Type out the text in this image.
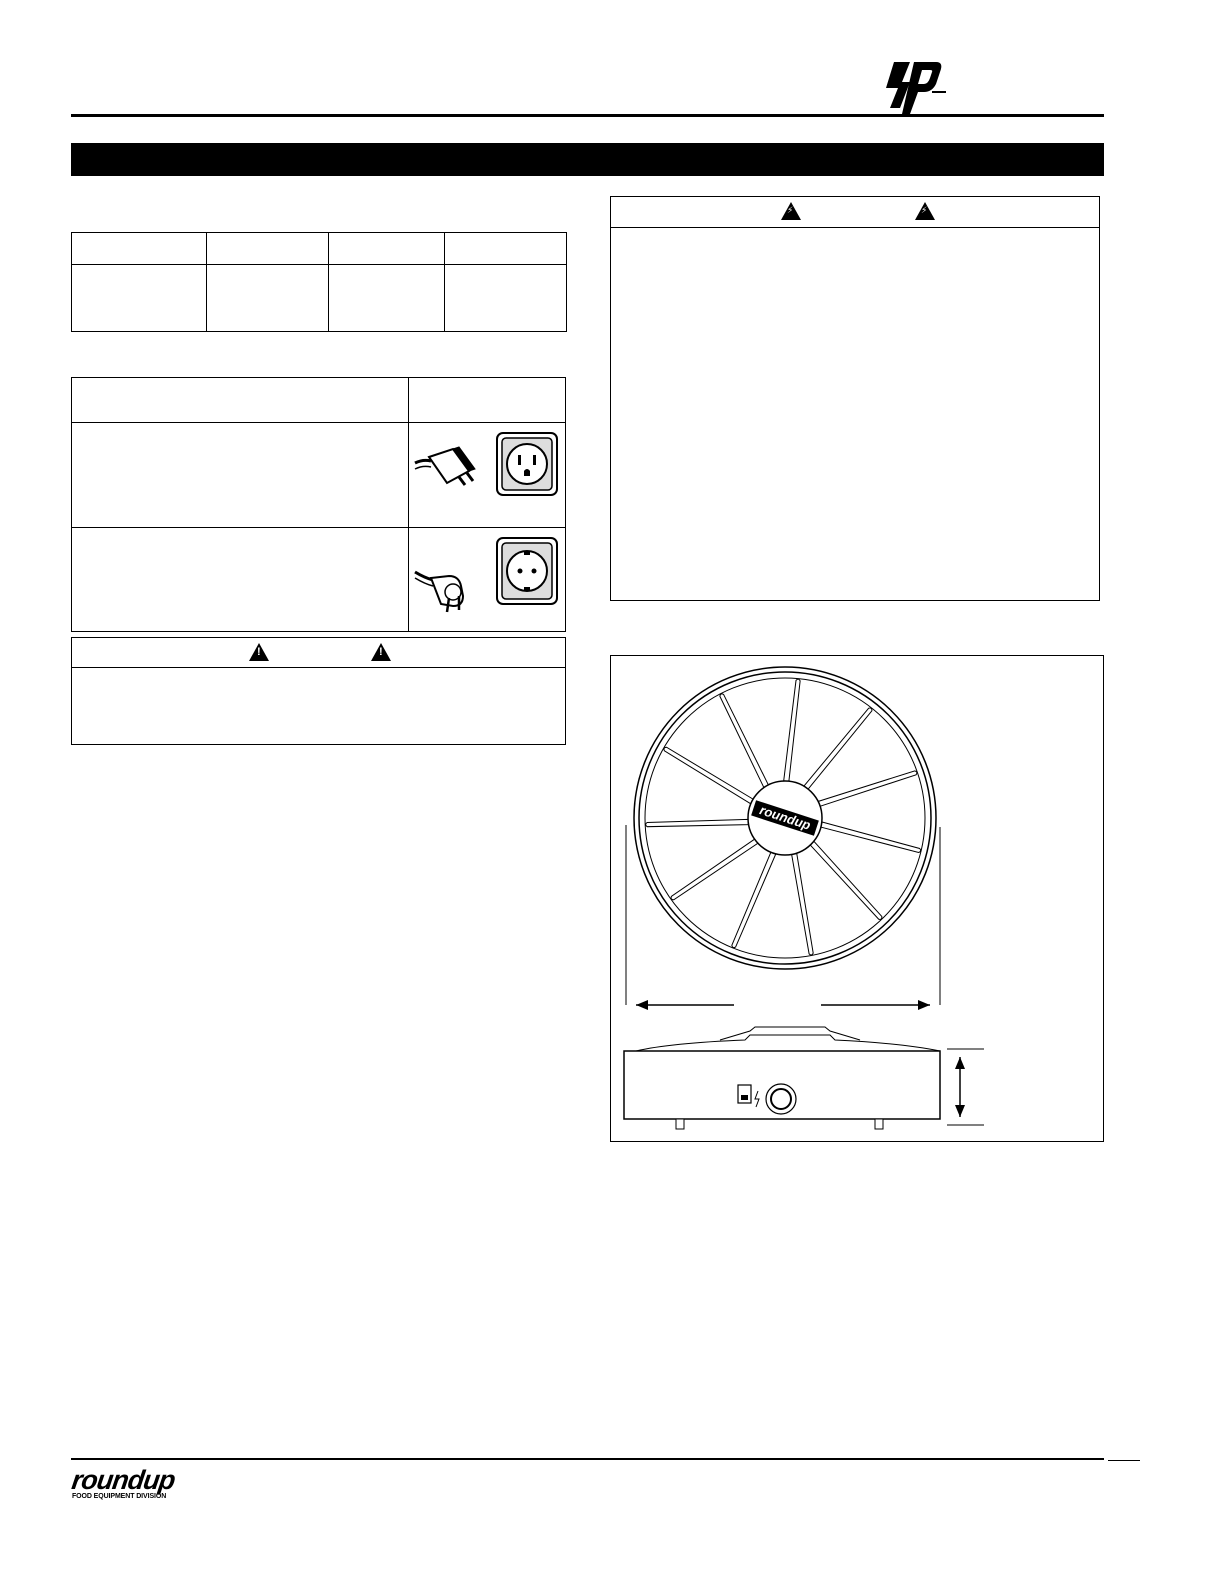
!
!
⚡
⚡
roundup
roundup
FOOD EQUIPMENT DIVISION
